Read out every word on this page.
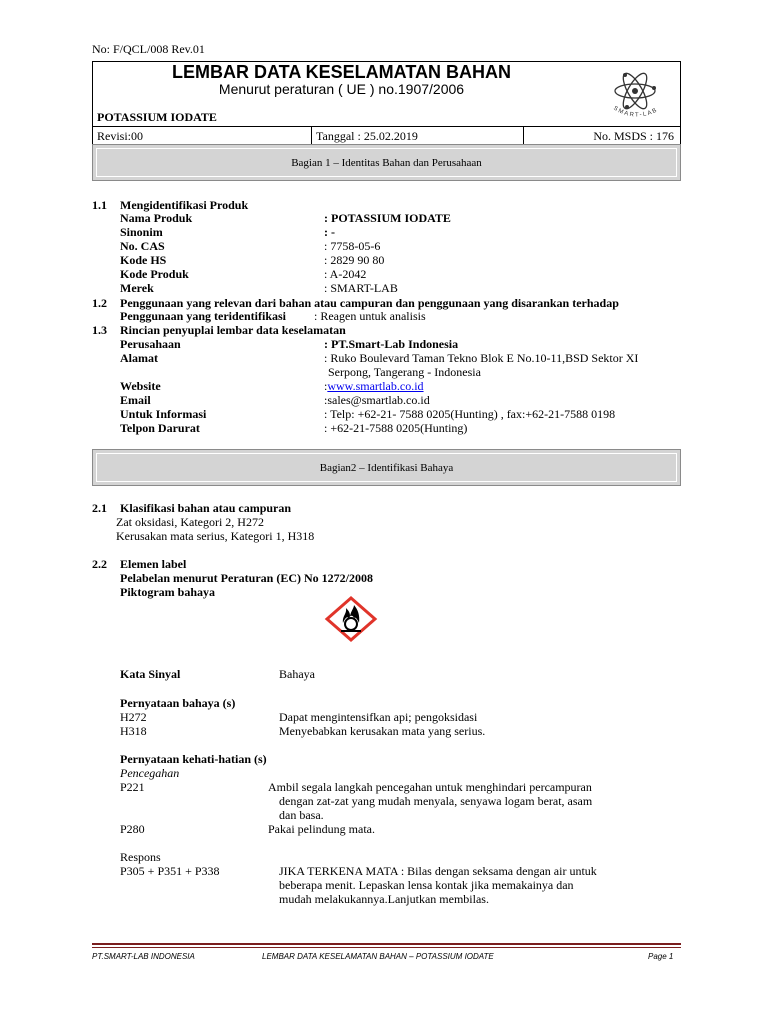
No: F/QCL/008 Rev.01
LEMBAR DATA KESELAMATAN BAHAN
Menurut peraturan ( UE ) no.1907/2006
POTASSIUM IODATE
SMART-LAB
Revisi:00	Tanggal : 25.02.2019	No. MSDS : 176
Bagian 1 – Identitas Bahan dan Perusahaan
1.1 Mengidentifikasi Produk
Nama Produk	: POTASSIUM IODATE
Sinonim	: -
No. CAS	: 7758-05-6
Kode HS	: 2829 90 80
Kode Produk	: A-2042
Merek	: SMART-LAB
1.2 Penggunaan yang relevan dari bahan atau campuran dan penggunaan yang disarankan terhadap
Penggunaan yang teridentifikasi : Reagen untuk analisis
1.3 Rincian penyuplai lembar data keselamatan
Perusahaan	: PT.Smart-Lab Indonesia
Alamat	: Ruko Boulevard Taman Tekno Blok E No.10-11,BSD Sektor XI
Serpong, Tangerang - Indonesia
Website	:www.smartlab.co.id
Email	:sales@smartlab.co.id
Untuk Informasi	: Telp: +62-21- 7588 0205(Hunting) , fax:+62-21-7588 0198
Telpon Darurat	: +62-21-7588 0205(Hunting)
Bagian2 – Identifikasi Bahaya
2.1 Klasifikasi bahan atau campuran
Zat oksidasi, Kategori 2, H272
Kerusakan mata serius, Kategori 1, H318
2.2 Elemen label
Pelabelan menurut Peraturan (EC) No 1272/2008
Piktogram bahaya
Kata Sinyal	Bahaya
Pernyataan bahaya (s)
H272	Dapat mengintensifkan api; pengoksidasi
H318	Menyebabkan kerusakan mata yang serius.
Pernyataan kehati-hatian (s)
Pencegahan
P221	Ambil segala langkah pencegahan untuk menghindari percampuran
dengan zat-zat yang mudah menyala, senyawa logam berat, asam
dan basa.
P280	Pakai pelindung mata.
Respons
P305 + P351 + P338	JIKA TERKENA MATA : Bilas dengan seksama dengan air untuk
beberapa menit. Lepaskan lensa kontak jika memakainya dan
mudah melakukannya.Lanjutkan membilas.
PT.SMART-LAB INDONESIA	LEMBAR DATA KESELAMATAN BAHAN – POTASSIUM IODATE	Page 1
